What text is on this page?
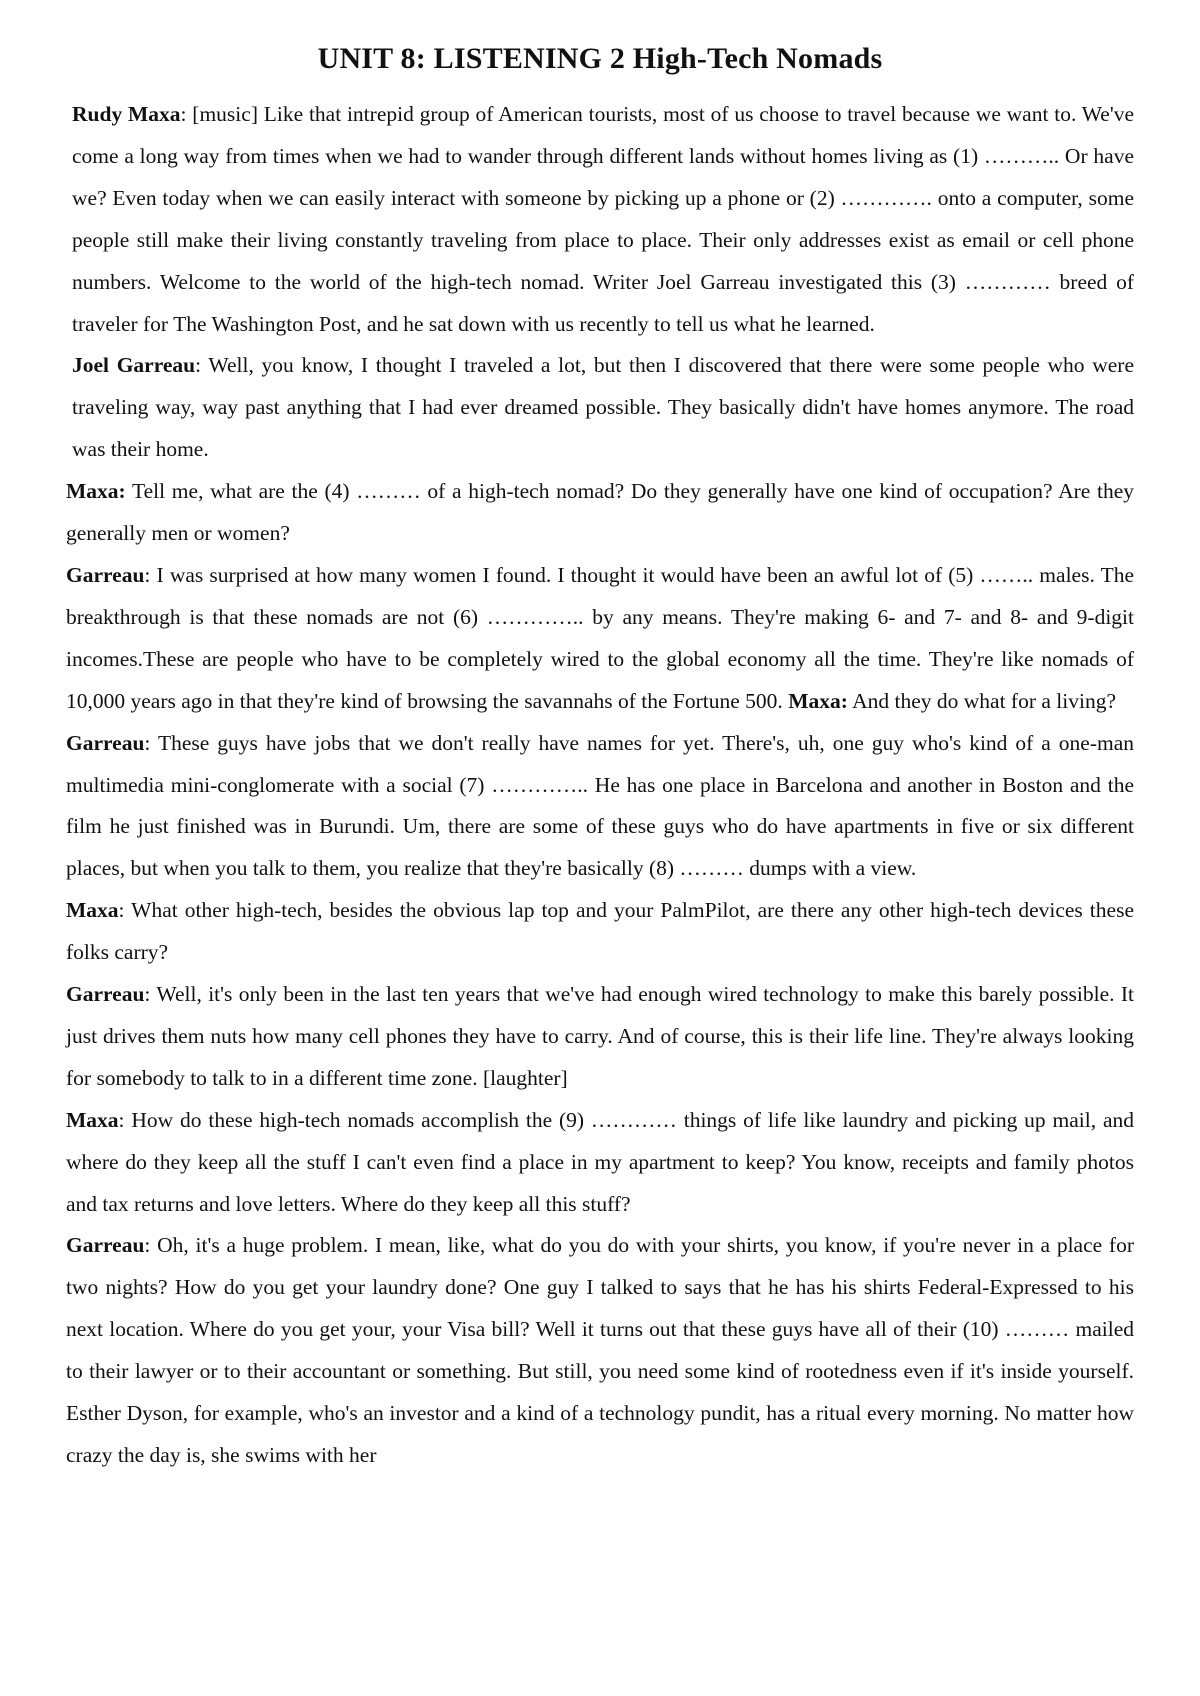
UNIT 8: LISTENING 2 High-Tech Nomads

Rudy Maxa: [music] Like that intrepid group of American tourists, most of us choose to travel because we want to. We've come a long way from times when we had to wander through different lands without homes living as (1) ……….. Or have we? Even today when we can easily interact with someone by picking up a phone or (2) …………. onto a computer, some people still make their living constantly traveling from place to place. Their only addresses exist as email or cell phone numbers. Welcome to the world of the high-tech nomad. Writer Joel Garreau investigated this (3) ………… breed of traveler for The Washington Post, and he sat down with us recently to tell us what he learned.

Joel Garreau: Well, you know, I thought I traveled a lot, but then I discovered that there were some people who were traveling way, way past anything that I had ever dreamed possible. They basically didn't have homes anymore. The road was their home.

Maxa: Tell me, what are the (4) ……… of a high-tech nomad? Do they generally have one kind of occupation? Are they generally men or women?

Garreau: I was surprised at how many women I found. I thought it would have been an awful lot of (5) …….. males. The breakthrough is that these nomads are not (6) ………….. by any means. They're making 6- and 7- and 8- and 9-digit incomes.These are people who have to be completely wired to the global economy all the time. They're like nomads of 10,000 years ago in that they're kind of browsing the savannahs of the Fortune 500. Maxa: And they do what for a living?

Garreau: These guys have jobs that we don't really have names for yet. There's, uh, one guy who's kind of a one-man multimedia mini-conglomerate with a social (7) ………….. He has one place in Barcelona and another in Boston and the film he just finished was in Burundi. Um, there are some of these guys who do have apartments in five or six different places, but when you talk to them, you realize that they're basically (8) ……… dumps with a view.

Maxa: What other high-tech, besides the obvious lap top and your PalmPilot, are there any other high-tech devices these folks carry?

Garreau: Well, it's only been in the last ten years that we've had enough wired technology to make this barely possible. It just drives them nuts how many cell phones they have to carry. And of course, this is their life line. They're always looking for somebody to talk to in a different time zone. [laughter]

Maxa: How do these high-tech nomads accomplish the (9) ………… things of life like laundry and picking up mail, and where do they keep all the stuff I can't even find a place in my apartment to keep? You know, receipts and family photos and tax returns and love letters. Where do they keep all this stuff?

Garreau: Oh, it's a huge problem. I mean, like, what do you do with your shirts, you know, if you're never in a place for two nights? How do you get your laundry done? One guy I talked to says that he has his shirts Federal-Expressed to his next location. Where do you get your, your Visa bill? Well it turns out that these guys have all of their (10) ……… mailed to their lawyer or to their accountant or something. But still, you need some kind of rootedness even if it's inside yourself. Esther Dyson, for example, who's an investor and a kind of a technology pundit, has a ritual every morning. No matter how crazy the day is, she swims with her
